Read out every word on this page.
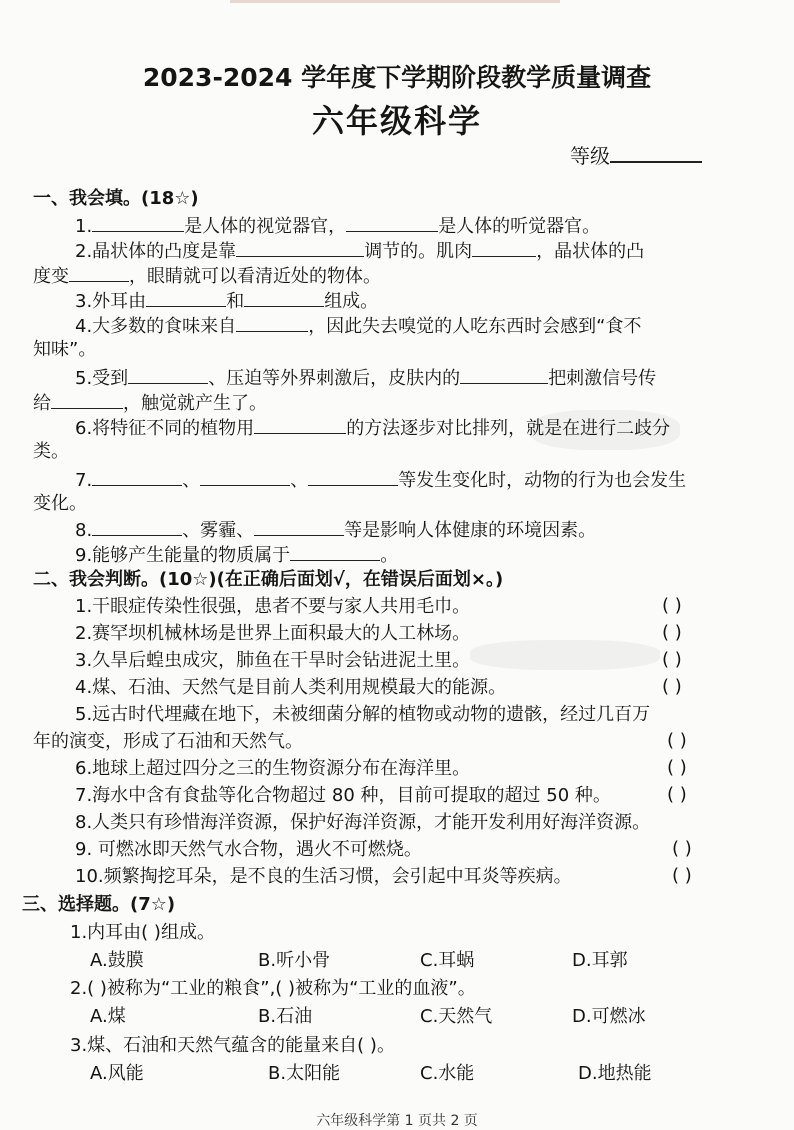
2023-2024 学年度下学期阶段教学质量调查
六年级科学
等级
一、我会填。(18☆)
1.	是人体的视觉器官，	是人体的听觉器官。
2.晶状体的凸度是靠	调节的。肌肉	，晶状体的凸
度变	，眼睛就可以看清近处的物体。
3.外耳由	和	组成。
4.大多数的食味来自	，因此失去嗅觉的人吃东西时会感到“食不
知味”。
5.受到	、压迫等外界刺激后，皮肤内的	把刺激信号传
给	，触觉就产生了。
6.将特征不同的植物用	的方法逐步对比排列，就是在进行二歧分
类。
7.	、	、	等发生变化时，动物的行为也会发生
变化。
8.	、雾霾、	等是影响人体健康的环境因素。
9.能够产生能量的物质属于	。
二、我会判断。(10☆)(在正确后面划√，在错误后面划×。)
1.干眼症传染性很强，患者不要与家人共用毛巾。	( )
2.赛罕坝机械林场是世界上面积最大的人工林场。	( )
3.久旱后蝗虫成灾，肺鱼在干旱时会钻进泥土里。	( )
4.煤、石油、天然气是目前人类利用规模最大的能源。	( )
5.远古时代埋藏在地下，未被细菌分解的植物或动物的遗骸，经过几百万
年的演变，形成了石油和天然气。	( )
6.地球上超过四分之三的生物资源分布在海洋里。	( )
7.海水中含有食盐等化合物超过 80 种，目前可提取的超过 50 种。	( )
8.人类只有珍惜海洋资源，保护好海洋资源，才能开发利用好海洋资源。
9. 可燃冰即天然气水合物，遇火不可燃烧。	( )
10.频繁掏挖耳朵，是不良的生活习惯，会引起中耳炎等疾病。	( )
三、选择题。(7☆)
1.内耳由( )组成。
A.鼓膜	B.听小骨	C.耳蜗	D.耳郭
2.( )被称为“工业的粮食”,( )被称为“工业的血液”。
A.煤	B.石油	C.天然气	D.可燃冰
3.煤、石油和天然气蕴含的能量来自( )。
A.风能	B.太阳能	C.水能	D.地热能
六年级科学第 1 页共 2 页
